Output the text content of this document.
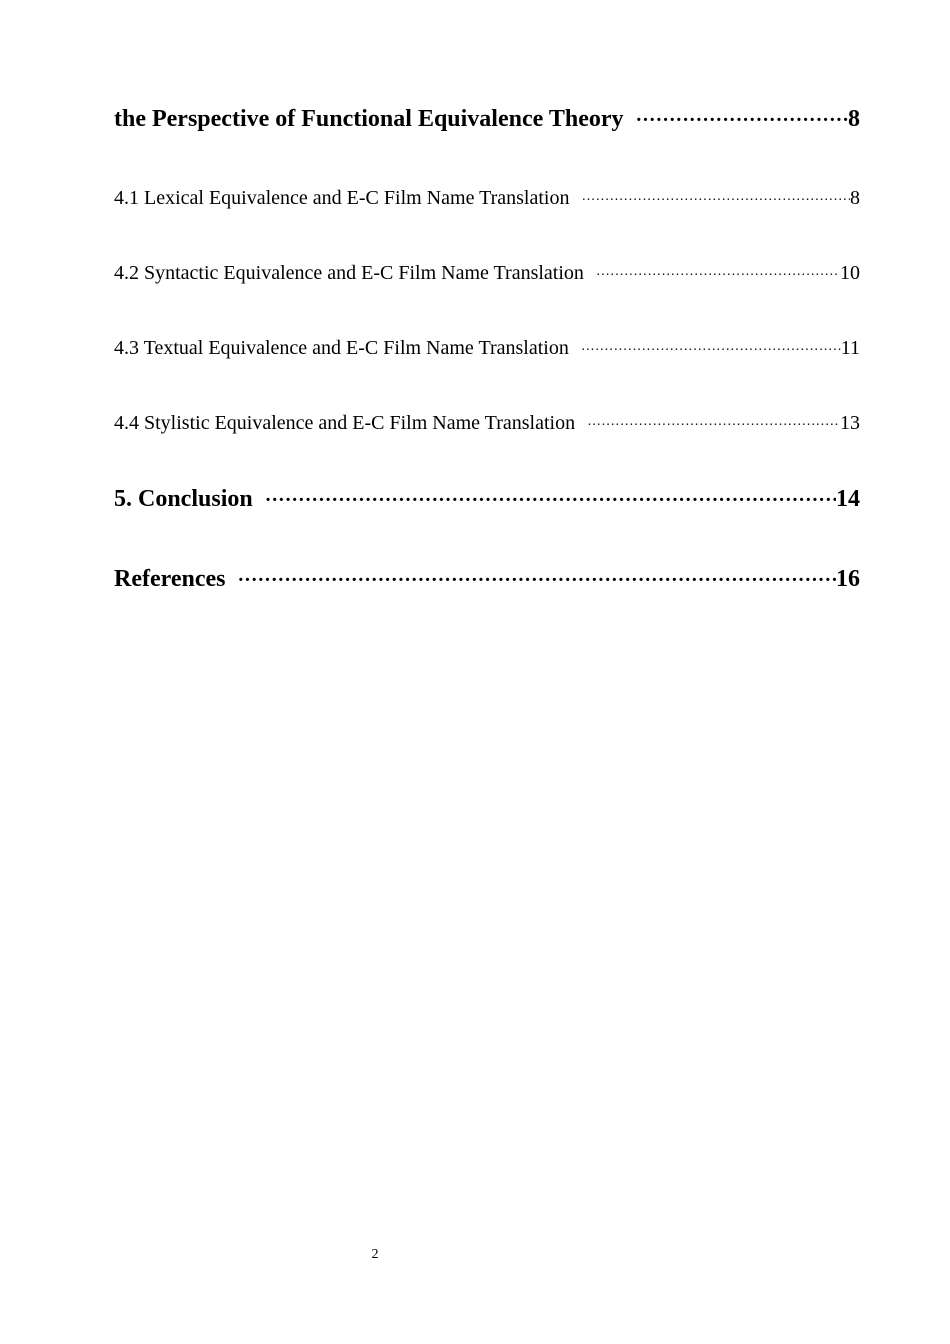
the Perspective of Functional Equivalence Theory ·····	8
4.1 Lexical Equivalence and E-C Film Name Translation ·····	8
4.2 Syntactic Equivalence and E-C Film Name Translation ·····	10
4.3 Textual Equivalence and E-C Film Name Translation ·····	11
4.4 Stylistic Equivalence and E-C Film Name Translation ·····	13
5. Conclusion ·····	14
References ·····	16
2
